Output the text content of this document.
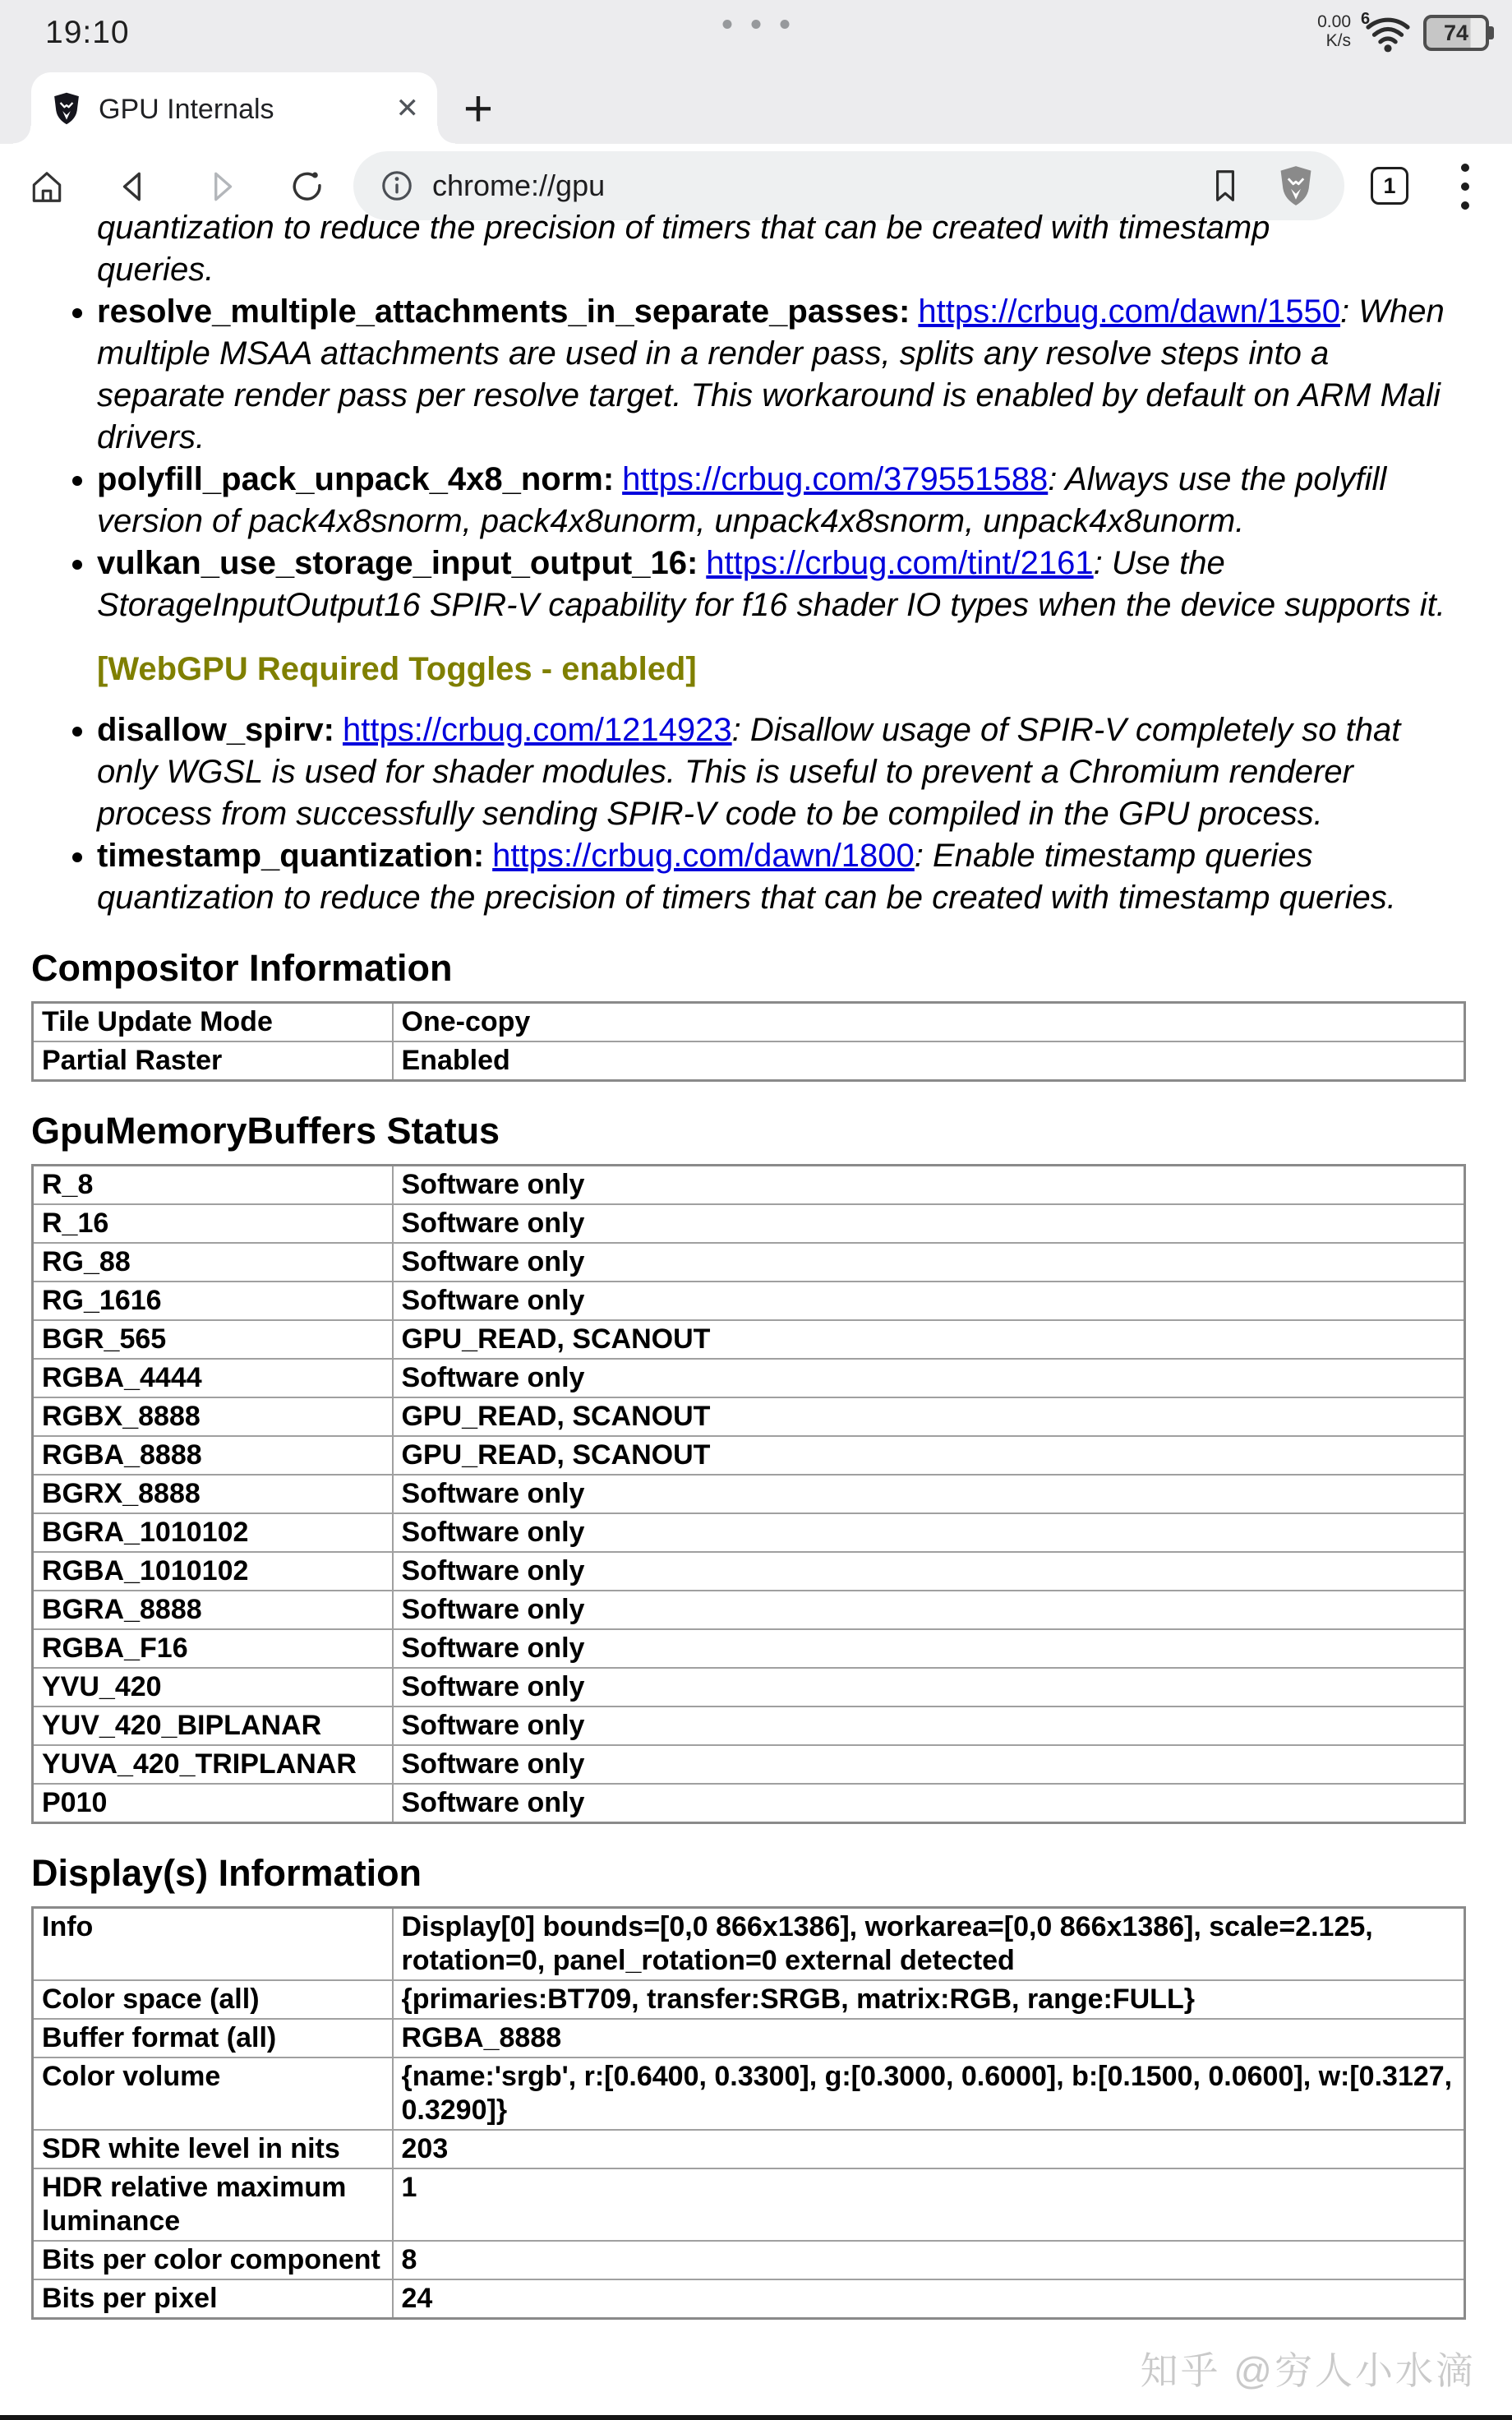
19:10	0.00
K/s
6
74
GPU Internals	✕ +
chrome://gpu	1
quantization to reduce the precision of timers that can be created with timestamp
queries.
• resolve_multiple_attachments_in_separate_passes: https://crbug.com/dawn/1550: When multiple MSAA attachments are used in a render pass, splits any resolve steps into a separate render pass per resolve target. This workaround is enabled by default on ARM Mali drivers.
• polyfill_pack_unpack_4x8_norm: https://crbug.com/379551588: Always use the polyfill version of pack4x8snorm, pack4x8unorm, unpack4x8snorm, unpack4x8unorm.
• vulkan_use_storage_input_output_16: https://crbug.com/tint/2161: Use the StorageInputOutput16 SPIR-V capability for f16 shader IO types when the device supports it.
[WebGPU Required Toggles - enabled]
• disallow_spirv: https://crbug.com/1214923: Disallow usage of SPIR-V completely so that only WGSL is used for shader modules. This is useful to prevent a Chromium renderer process from successfully sending SPIR-V code to be compiled in the GPU process.
• timestamp_quantization: https://crbug.com/dawn/1800: Enable timestamp queries quantization to reduce the precision of timers that can be created with timestamp queries.
Compositor Information
Tile Update Mode	One-copy
Partial Raster	Enabled
GpuMemoryBuffers Status
R_8	Software only
R_16	Software only
RG_88	Software only
RG_1616	Software only
BGR_565	GPU_READ, SCANOUT
RGBA_4444	Software only
RGBX_8888	GPU_READ, SCANOUT
RGBA_8888	GPU_READ, SCANOUT
BGRX_8888	Software only
BGRA_1010102	Software only
RGBA_1010102	Software only
BGRA_8888	Software only
RGBA_F16	Software only
YVU_420	Software only
YUV_420_BIPLANAR	Software only
YUVA_420_TRIPLANAR	Software only
P010	Software only
Display(s) Information
Info	Display[0] bounds=[0,0 866x1386], workarea=[0,0 866x1386], scale=2.125, rotation=0, panel_rotation=0 external detected
Color space (all)	{primaries:BT709, transfer:SRGB, matrix:RGB, range:FULL}
Buffer format (all)	RGBA_8888
Color volume	{name:'srgb', r:[0.6400, 0.3300], g:[0.3000, 0.6000], b:[0.1500, 0.0600], w:[0.3127, 0.3290]}
SDR white level in nits	203
HDR relative maximum luminance	1
Bits per color component	8
Bits per pixel	24
知乎 @穷人小水滴
